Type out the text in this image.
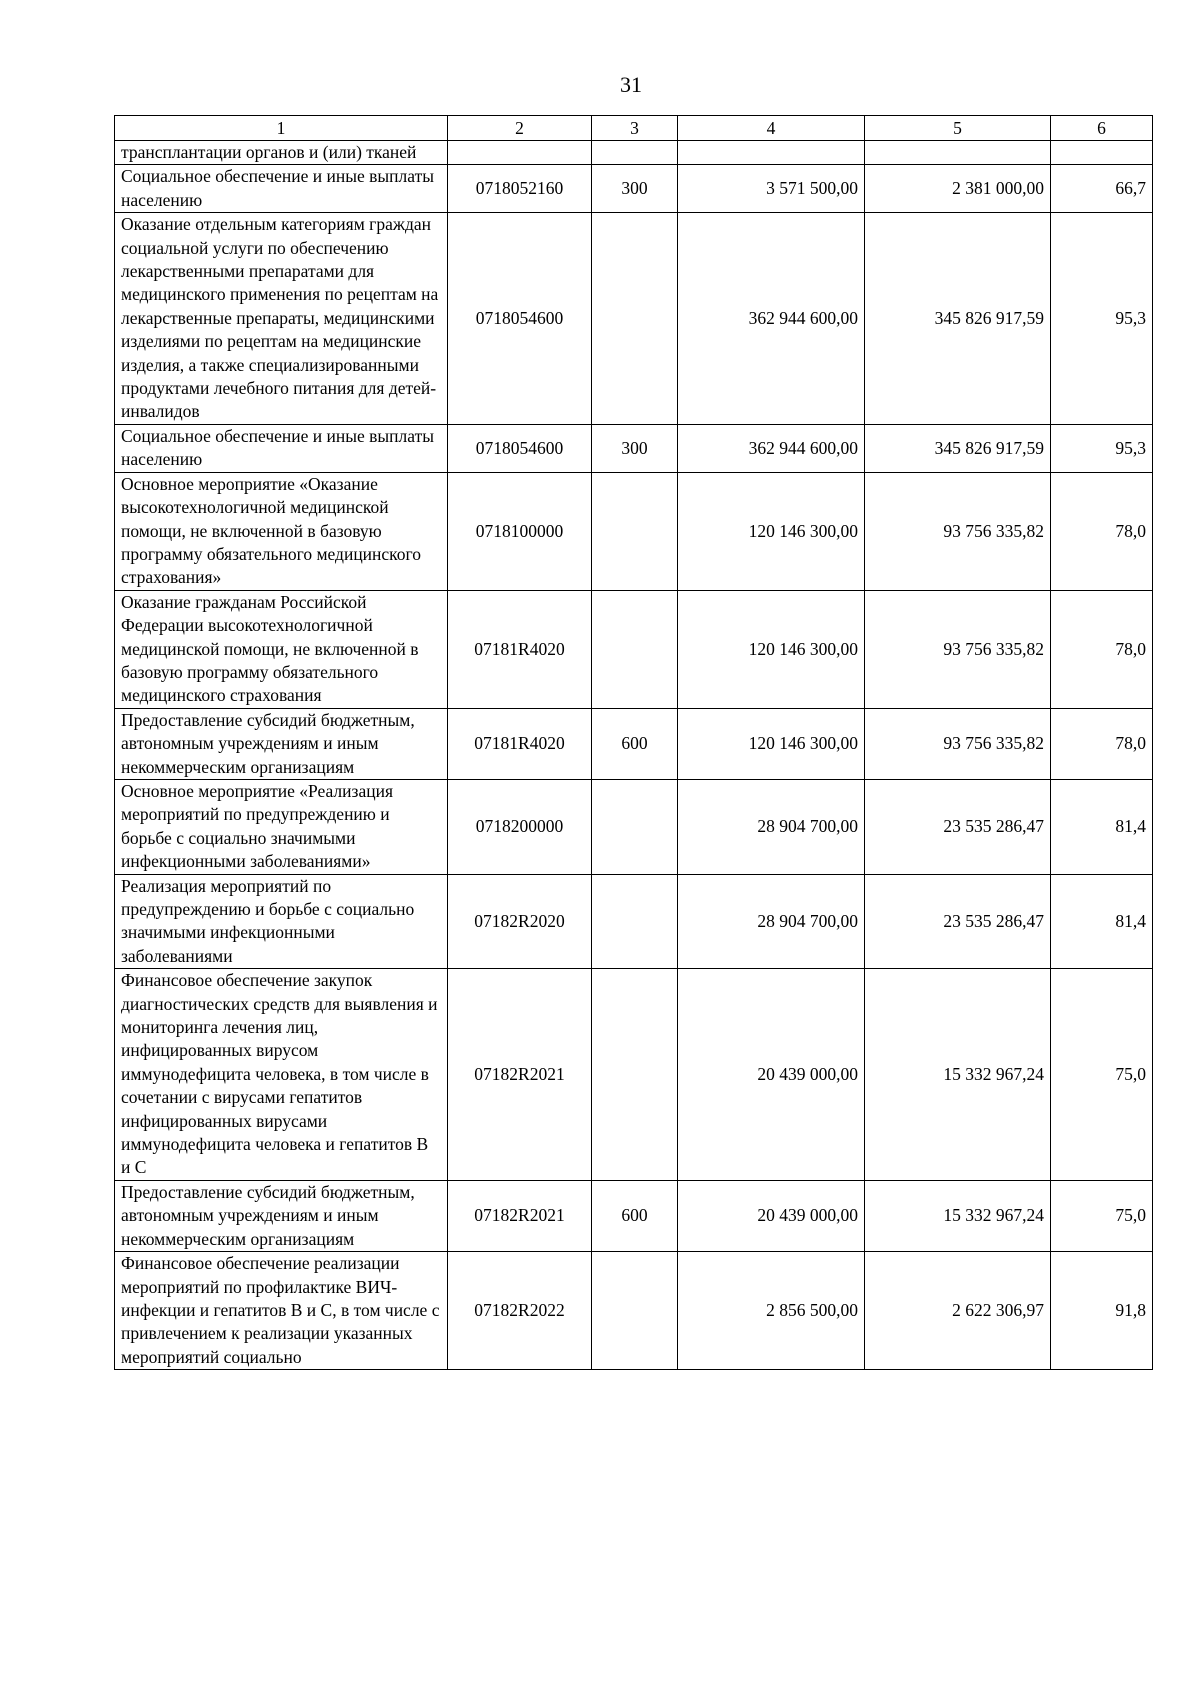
31
1	2	3	4	5	6
трансплантации органов и (или) тканей					
Социальное обеспечение и иные выплаты населению	0718052160	300	3 571 500,00	2 381 000,00	66,7
Оказание отдельным категориям граждан социальной услуги по обеспечению лекарственными препаратами для медицинского применения по рецептам на лекарственные препараты, медицинскими изделиями по рецептам на медицинские изделия, а также специализированными продуктами лечебного питания для детей-инвалидов	0718054600		362 944 600,00	345 826 917,59	95,3
Социальное обеспечение и иные выплаты населению	0718054600	300	362 944 600,00	345 826 917,59	95,3
Основное мероприятие «Оказание высокотехнологичной медицинской помощи, не включенной в базовую программу обязательного медицинского страхования»	0718100000		120 146 300,00	93 756 335,82	78,0
Оказание гражданам Российской Федерации высокотехнологичной медицинской помощи, не включенной в базовую программу обязательного медицинского страхования	07181R4020		120 146 300,00	93 756 335,82	78,0
Предоставление субсидий бюджетным, автономным учреждениям и иным некоммерческим организациям	07181R4020	600	120 146 300,00	93 756 335,82	78,0
Основное мероприятие «Реализация мероприятий по предупреждению и борьбе с социально значимыми инфекционными заболеваниями»	0718200000		28 904 700,00	23 535 286,47	81,4
Реализация мероприятий по предупреждению и борьбе с социально значимыми инфекционными заболеваниями	07182R2020		28 904 700,00	23 535 286,47	81,4
Финансовое обеспечение закупок диагностических средств для выявления и мониторинга лечения лиц, инфицированных вирусом иммунодефицита человека, в том числе в сочетании с вирусами гепатитов инфицированных вирусами иммунодефицита человека и гепатитов В и С	07182R2021		20 439 000,00	15 332 967,24	75,0
Предоставление субсидий бюджетным, автономным учреждениям и иным некоммерческим организациям	07182R2021	600	20 439 000,00	15 332 967,24	75,0
Финансовое обеспечение реализации мероприятий по профилактике ВИЧ-инфекции и гепатитов В и С, в том числе с привлечением к реализации указанных мероприятий социально	07182R2022		2 856 500,00	2 622 306,97	91,8
